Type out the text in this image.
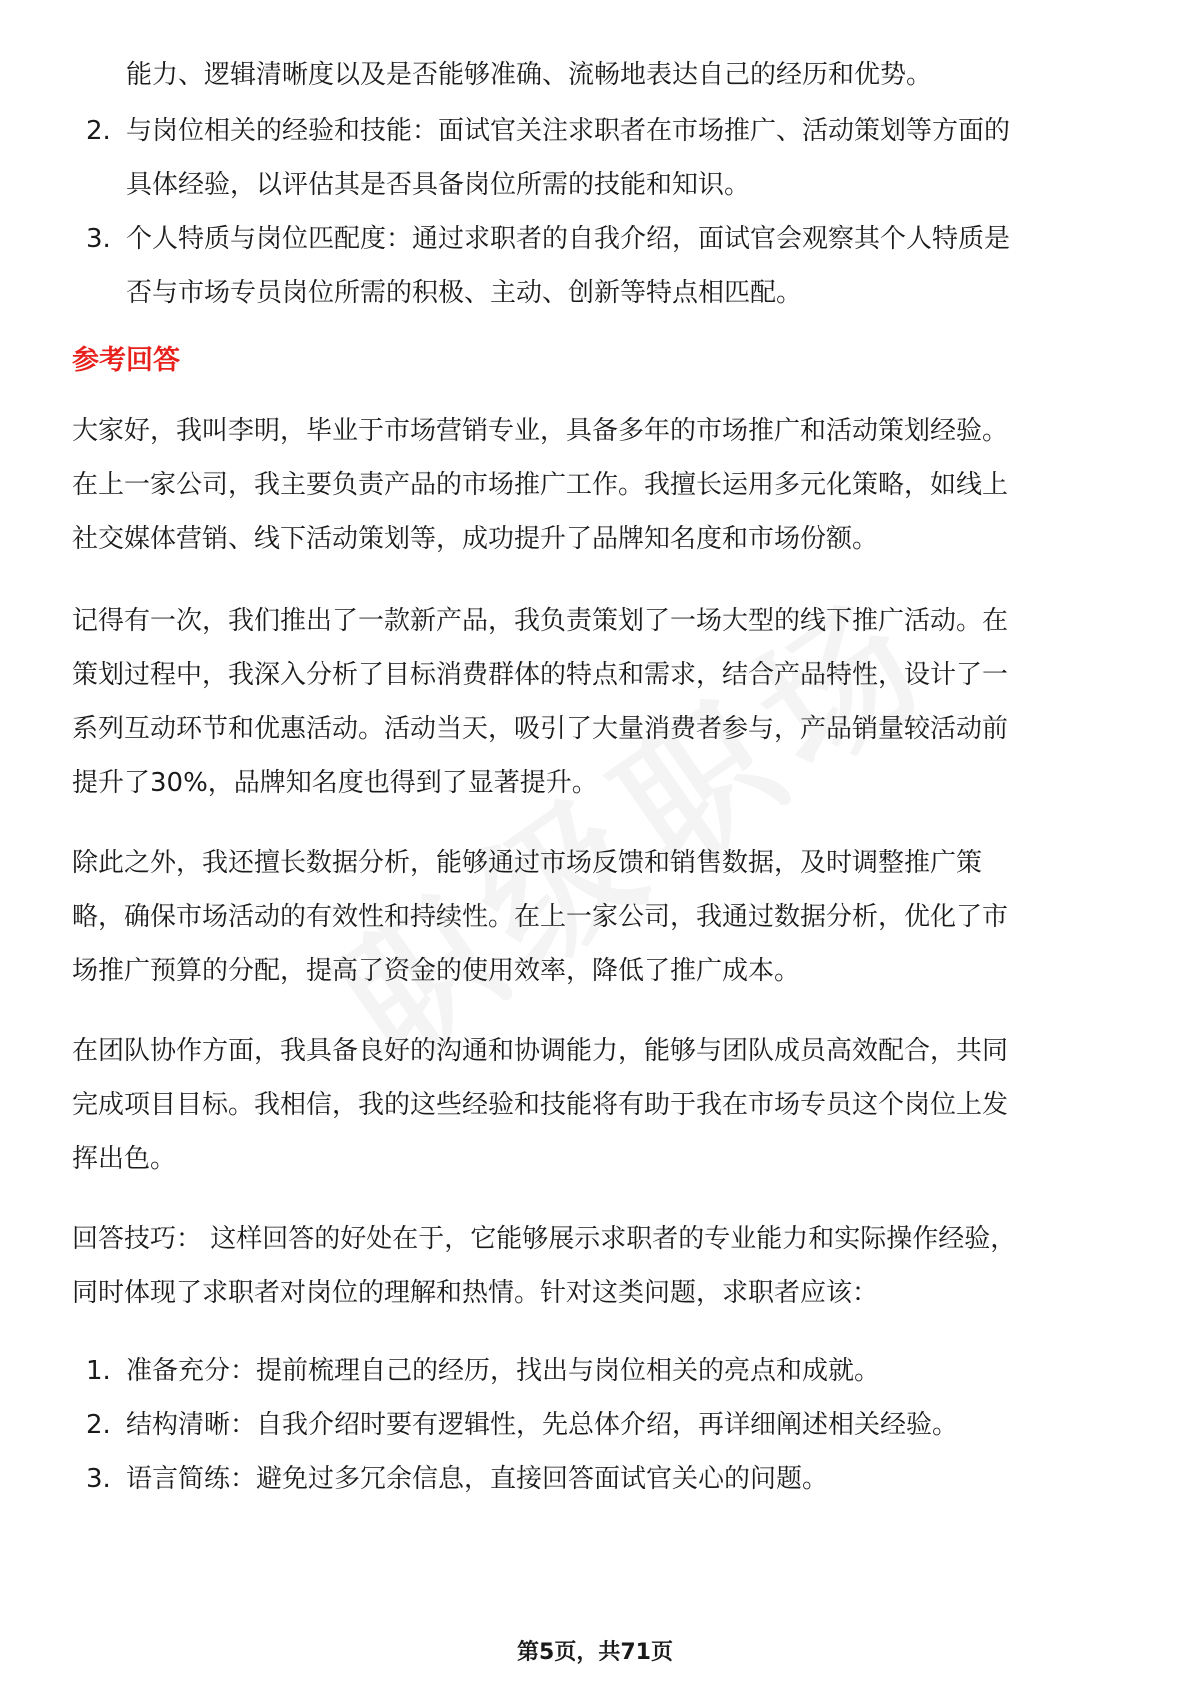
能力、逻辑清晰度以及是否能够准确、流畅地表达自己的经历和优势。
2. 与岗位相关的经验和技能：面试官关注求职者在市场推广、活动策划等方面的
具体经验，以评估其是否具备岗位所需的技能和知识。
3. 个人特质与岗位匹配度：通过求职者的自我介绍，面试官会观察其个人特质是
否与市场专员岗位所需的积极、主动、创新等特点相匹配。
参考回答
大家好，我叫李明，毕业于市场营销专业，具备多年的市场推广和活动策划经验。
在上一家公司，我主要负责产品的市场推广工作。我擅长运用多元化策略，如线上
社交媒体营销、线下活动策划等，成功提升了品牌知名度和市场份额。
记得有一次，我们推出了一款新产品，我负责策划了一场大型的线下推广活动。在
策划过程中，我深入分析了目标消费群体的特点和需求，结合产品特性，设计了一
系列互动环节和优惠活动。活动当天，吸引了大量消费者参与，产品销量较活动前
提升了30%，品牌知名度也得到了显著提升。
除此之外，我还擅长数据分析，能够通过市场反馈和销售数据，及时调整推广策
略，确保市场活动的有效性和持续性。在上一家公司，我通过数据分析，优化了市
场推广预算的分配，提高了资金的使用效率，降低了推广成本。
在团队协作方面，我具备良好的沟通和协调能力，能够与团队成员高效配合，共同
完成项目目标。我相信，我的这些经验和技能将有助于我在市场专员这个岗位上发
挥出色。
回答技巧： 这样回答的好处在于，它能够展示求职者的专业能力和实际操作经验，
同时体现了求职者对岗位的理解和热情。针对这类问题，求职者应该：
1. 准备充分：提前梳理自己的经历，找出与岗位相关的亮点和成就。
2. 结构清晰：自我介绍时要有逻辑性，先总体介绍，再详细阐述相关经验。
3. 语言简练：避免过多冗余信息，直接回答面试官关心的问题。
第5页，共71页
